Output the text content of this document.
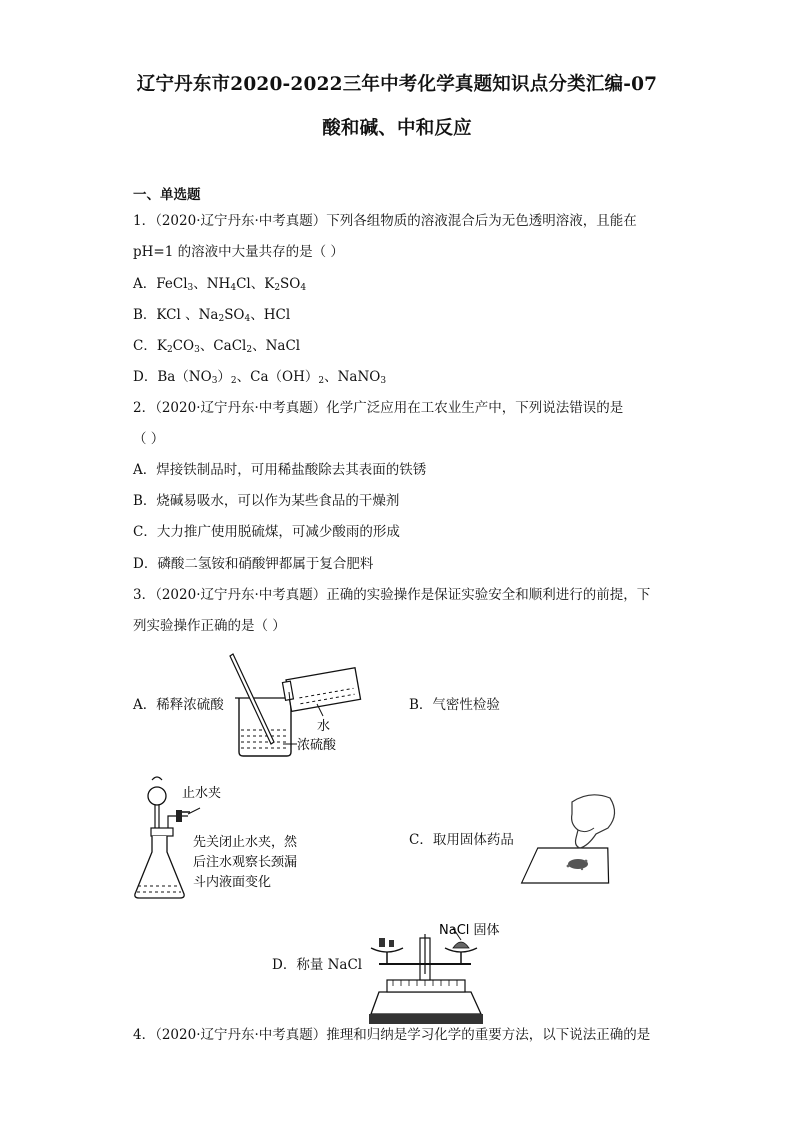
辽宁丹东市2020-2022三年中考化学真题知识点分类汇编-07
酸和碱、中和反应
一、单选题
1．（2020·辽宁丹东·中考真题）下列各组物质的溶液混合后为无色透明溶液，且能在
pH=1 的溶液中大量共存的是（ ）
A．FeCl$_3$、$NH_4Cl$、$K_2SO_4$
B．KCl 、$Na_2SO_4$、HCl
C．$K_2CO_3$、CaCl$_2$、NaCl
D．$Ba(NO_3)_2$、$Ca(OH)_2$、NaNO$_3$
2．（2020·辽宁丹东·中考真题）化学广泛应用在工农业生产中，下列说法错误的是
（ ）
A．焊接铁制品时，可用稀盐酸除去其表面的铁锈
B．烧碱易吸水，可以作为某些食品的干燥剂
C．大力推广使用脱硫煤，可减少酸雨的形成
D．磷酸二氢铵和硝酸钾都属于复合肥料
3．（2020·辽宁丹东·中考真题）正确的实验操作是保证实验安全和顺利进行的前提，下
列实验操作正确的是（ ）
A．稀释浓硫酸	B．气密性检验
C．取用固体药品
D．称量 NaCl
水
浓硫酸
止水夹
先关闭止水夹，然
后注水观察长颈漏
斗内液面变化
NaCl 固体
4．（2020·辽宁丹东·中考真题）推理和归纳是学习化学的重要方法，以下说法正确的是
